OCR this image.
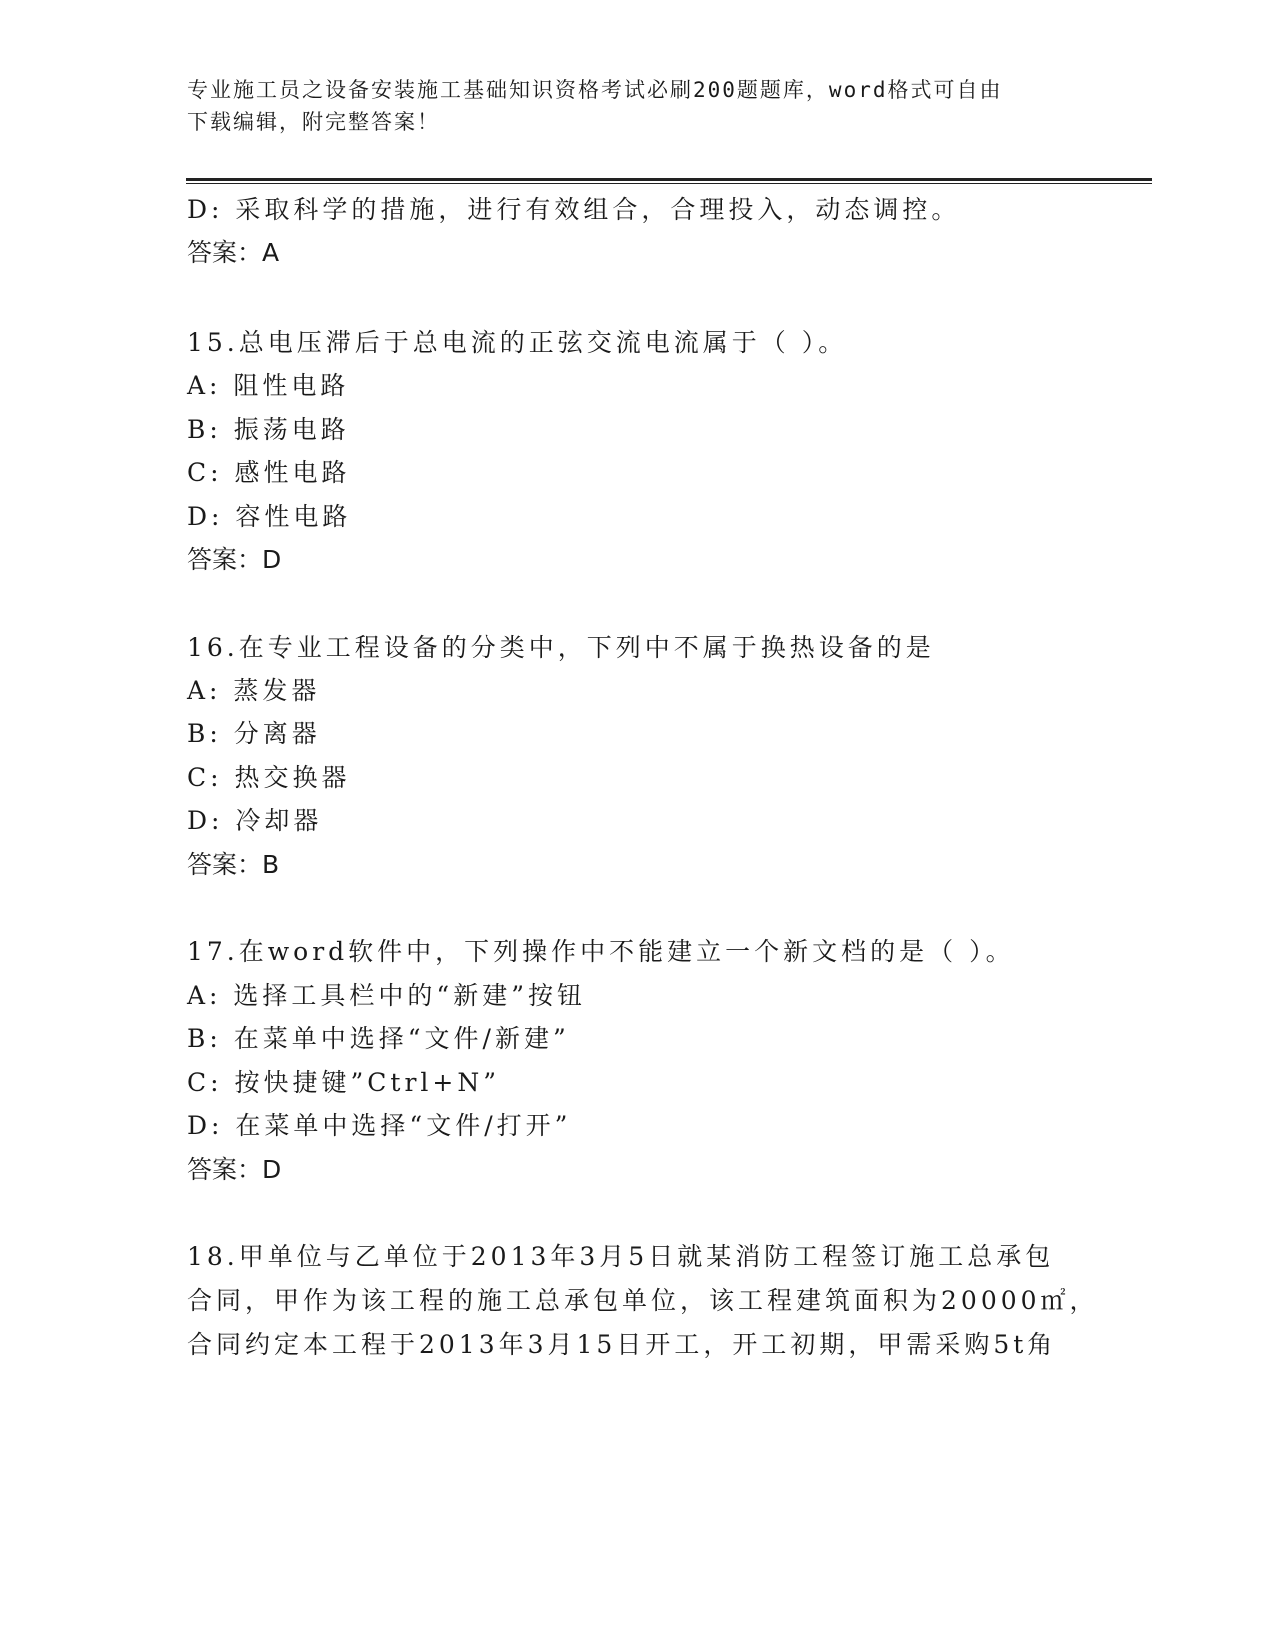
专业施工员之设备安装施工基础知识资格考试必刷200题题库，word格式可自由
下载编辑，附完整答案！
D: 采取科学的措施，进行有效组合，合理投入，动态调控。
答案：A
15.总电压滞后于总电流的正弦交流电流属于（ ）。
A: 阻性电路
B: 振荡电路
C: 感性电路
D: 容性电路
答案：D
16.在专业工程设备的分类中，下列中不属于换热设备的是
A: 蒸发器
B: 分离器
C: 热交换器
D: 冷却器
答案：B
17.在word软件中，下列操作中不能建立一个新文档的是（ ）。
A: 选择工具栏中的“新建”按钮
B: 在菜单中选择“文件/新建”
C: 按快捷键”Ctrl+N”
D: 在菜单中选择“文件/打开”
答案：D
18.甲单位与乙单位于2013年3月5日就某消防工程签订施工总承包
合同，甲作为该工程的施工总承包单位，该工程建筑面积为20000㎡，
合同约定本工程于2013年3月15日开工，开工初期，甲需采购5t角
